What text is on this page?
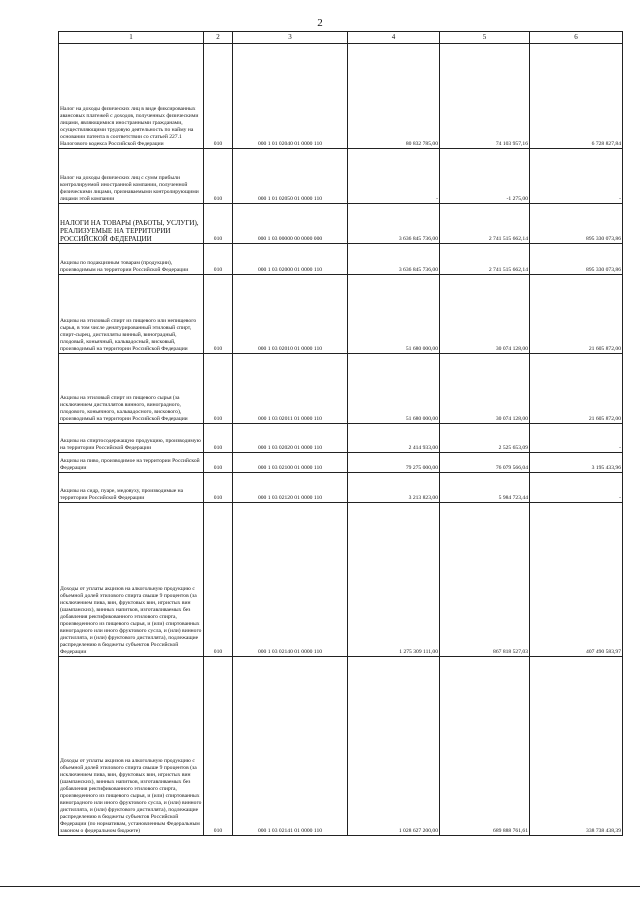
2
1	2	3	4	5	6
Налог на доходы физических лиц в виде фиксированных авансовых платежей с доходов, полученных физическими лицами, являющимися иностранными гражданами, осуществляющими трудовую деятельность по найму на основании патента в соответствии со статьей 227.1 Налогового кодекса Российской Федерации	010	000 1 01 02040 01 0000 110	80 832 785,00	74 103 957,16	6 728 827,84
Налог на доходы физических лиц с сумм прибыли контролируемой иностранной компании, полученной физическими лицами, признаваемыми контролирующими лицами этой компании	010	000 1 01 02050 01 0000 110	-	-1 275,00	-
НАЛОГИ НА ТОВАРЫ (РАБОТЫ, УСЛУГИ), РЕАЛИЗУЕМЫЕ НА ТЕРРИТОРИИ РОССИЙСКОЙ ФЕДЕРАЦИИ	010	000 1 03 00000 00 0000 000	3 636 845 736,00	2 741 515 662,14	895 330 073,86
Акцизы по подакцизным товарам (продукции), производимым на территории Российской Федерации	010	000 1 03 02000 01 0000 110	3 636 845 736,00	2 741 515 662,14	895 330 073,86
Акцизы на этиловый спирт из пищевого или непищевого сырья, в том числе денатурированный этиловый спирт, спирт-сырец, дистилляты винный, виноградный, плодовый, коньячный, кальвадосный, висковый, производимый на территории Российской Федерации	010	000 1 03 02010 01 0000 110	51 680 000,00	30 074 128,00	21 605 872,00
Акцизы на этиловый спирт из пищевого сырья (за исключением дистиллятов винного, виноградного, плодового, коньячного, кальвадосного, вискового), производимый на территории Российской Федерации	010	000 1 03 02011 01 0000 110	51 680 000,00	30 074 128,00	21 605 872,00
Акцизы на спиртосодержащую продукцию, производимую на территории Российской Федерации	010	000 1 03 02020 01 0000 110	2 414 933,00	2 525 653,09	-
Акцизы на пиво, производимое на территории Российской Федерации	010	000 1 03 02100 01 0000 110	79 275 000,00	76 079 566,04	3 195 433,96
Акцизы на сидр, пуаре, медовуху, производимые на территории Российской Федерации	010	000 1 03 02120 01 0000 110	3 213 823,00	5 984 723,44	-
Доходы от уплаты акцизов на алкогольную продукцию с объемной долей этилового спирта свыше 9 процентов (за исключением пива, вин, фруктовых вин, игристых вин (шампанских), винных напитков, изготавливаемых без добавления ректификованного этилового спирта, произведенного из пищевого сырья, и (или) спиртованных виноградного или иного фруктового сусла, и (или) винного дистиллята, и (или) фруктового дистиллята), подлежащие распределению в бюджеты субъектов Российской Федерации	010	000 1 03 02140 01 0000 110	1 275 309 111,00	867 818 527,03	407 490 583,97
Доходы от уплаты акцизов на алкогольную продукцию с объемной долей этилового спирта свыше 9 процентов (за исключением пива, вин, фруктовых вин, игристых вин (шампанских), винных напитков, изготавливаемых без добавления ректификованного этилового спирта, произведенного из пищевого сырья, и (или) спиртованных виноградного или иного фруктового сусла, и (или) винного дистиллята, и (или) фруктового дистиллята), подлежащие распределению в бюджеты субъектов Российской Федерации (по нормативам, установленным Федеральным законом о федеральном бюджете)	010	000 1 03 02141 01 0000 110	1 028 627 200,00	689 888 761,61	338 738 438,39
